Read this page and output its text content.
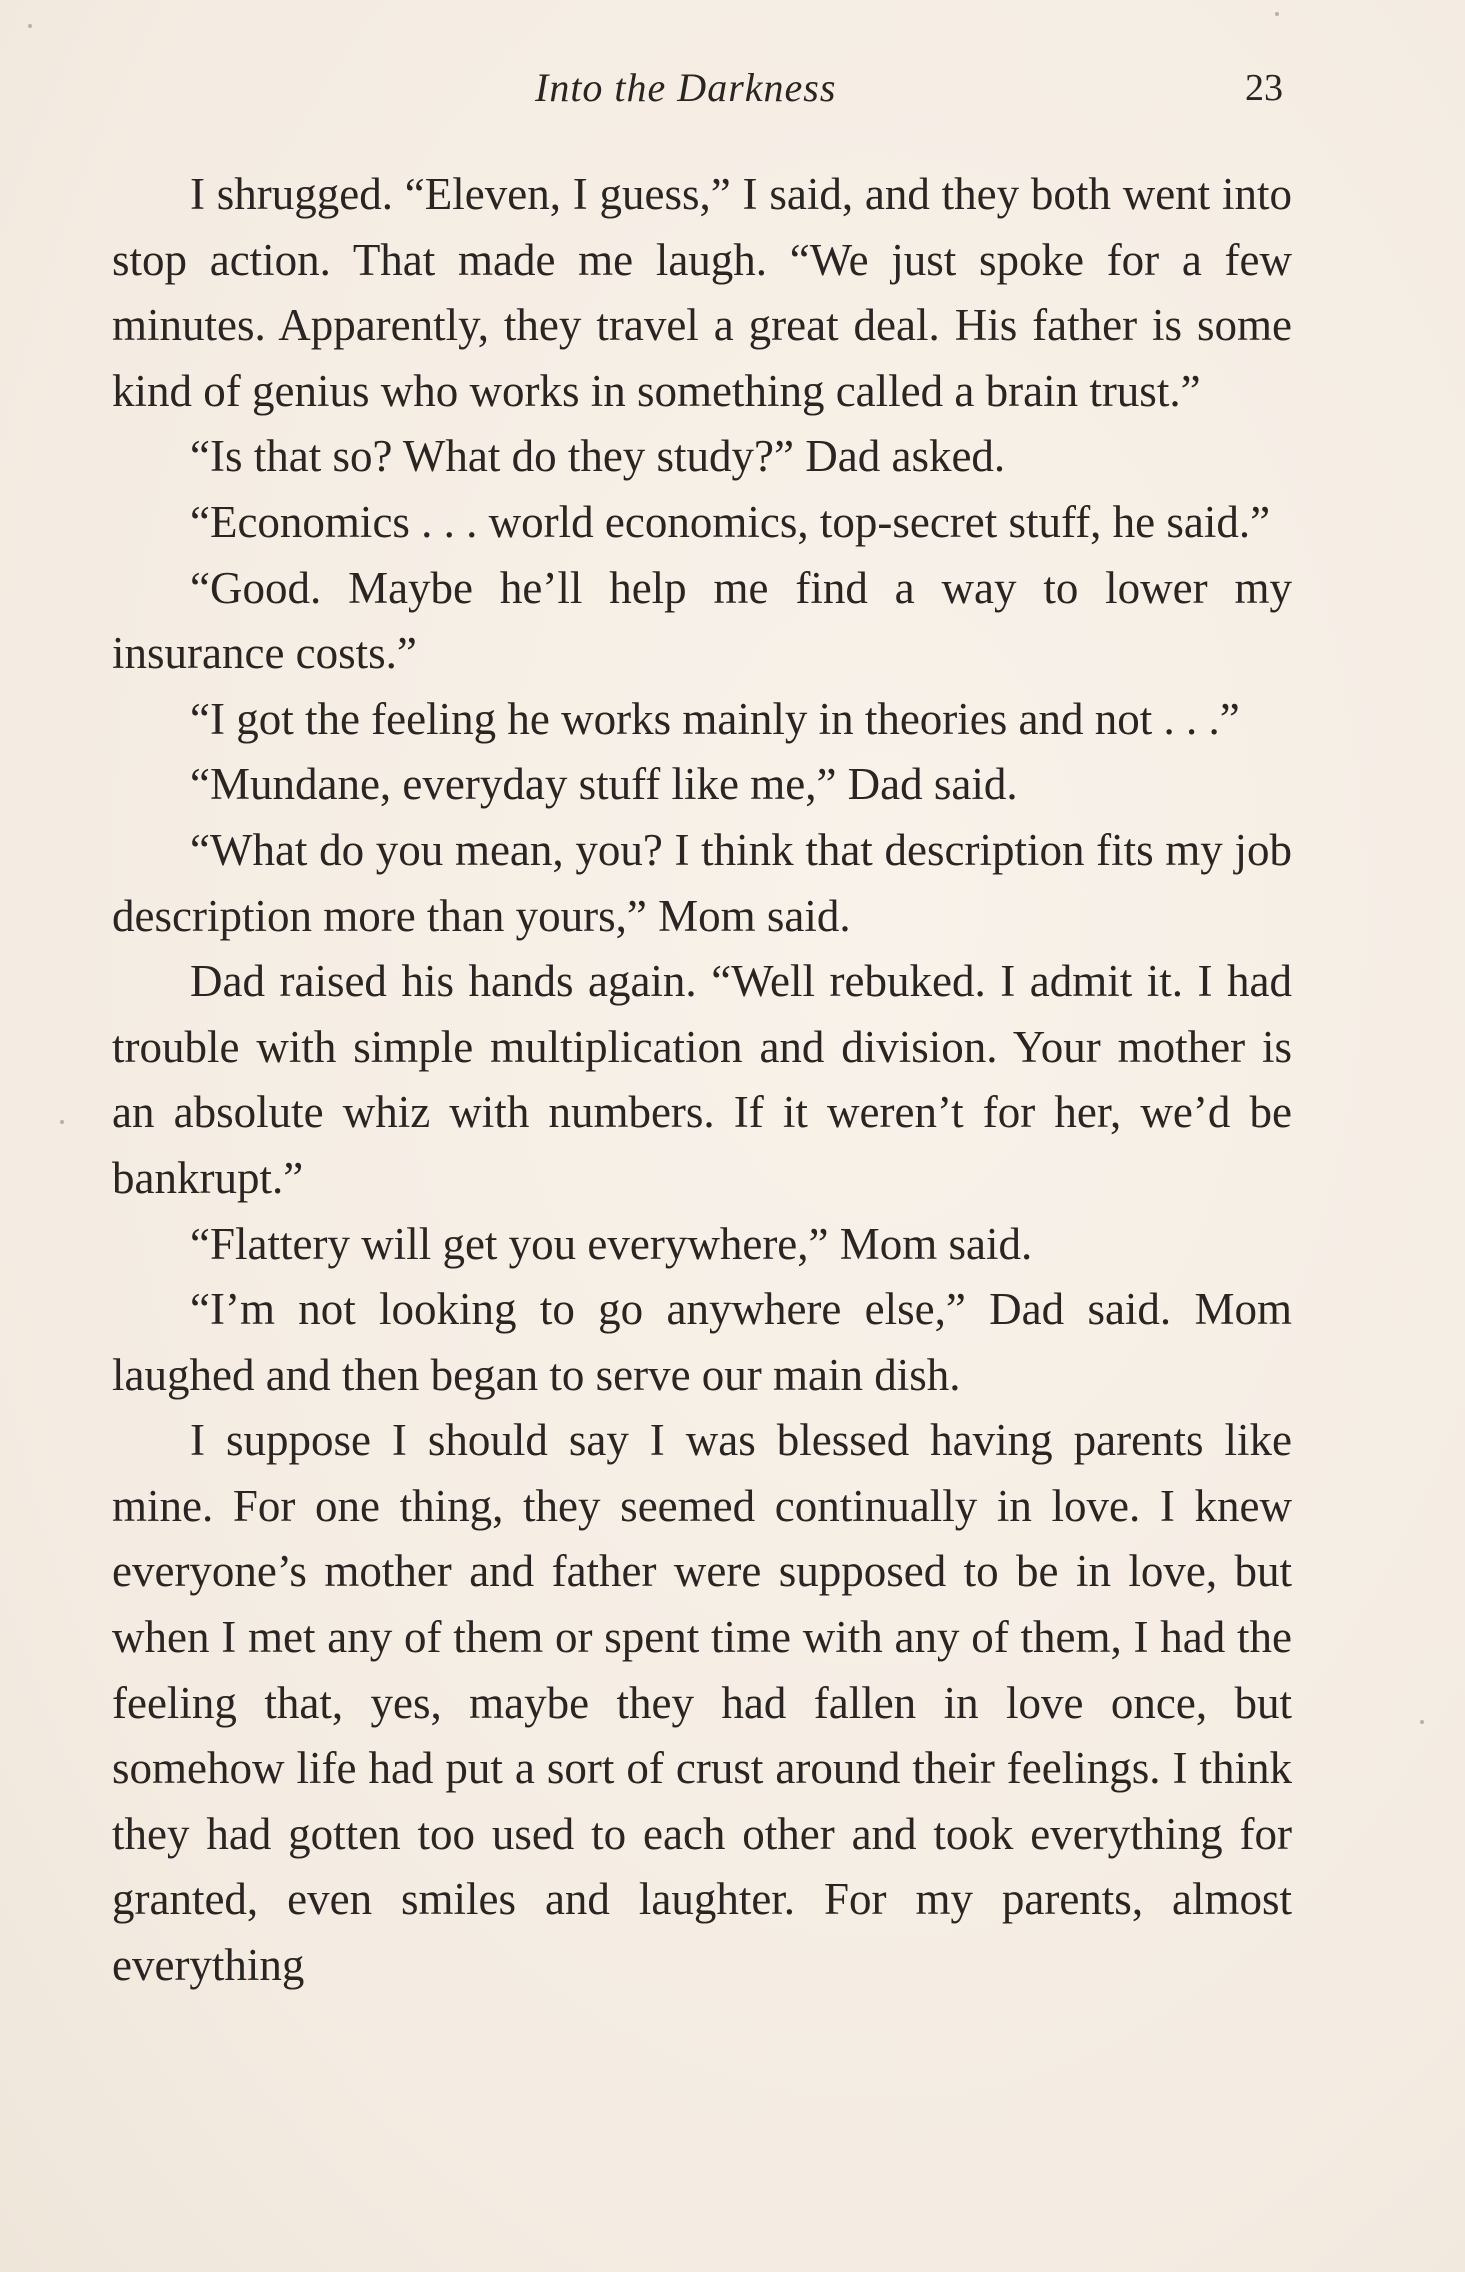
Into the Darkness	23

I shrugged. “Eleven, I guess,” I said, and they both went into stop action. That made me laugh. “We just spoke for a few minutes. Apparently, they travel a great deal. His father is some kind of genius who works in something called a brain trust.”

“Is that so? What do they study?” Dad asked.

“Economics . . . world economics, top-secret stuff, he said.”

“Good. Maybe he’ll help me find a way to lower my insurance costs.”

“I got the feeling he works mainly in theories and not . . .”

“Mundane, everyday stuff like me,” Dad said.

“What do you mean, you? I think that description fits my job description more than yours,” Mom said.

Dad raised his hands again. “Well rebuked. I admit it. I had trouble with simple multiplication and division. Your mother is an absolute whiz with numbers. If it weren’t for her, we’d be bankrupt.”

“Flattery will get you everywhere,” Mom said.

“I’m not looking to go anywhere else,” Dad said. Mom laughed and then began to serve our main dish.

I suppose I should say I was blessed having parents like mine. For one thing, they seemed continually in love. I knew everyone’s mother and father were supposed to be in love, but when I met any of them or spent time with any of them, I had the feeling that, yes, maybe they had fallen in love once, but somehow life had put a sort of crust around their feelings. I think they had gotten too used to each other and took everything for granted, even smiles and laughter. For my parents, almost everything
